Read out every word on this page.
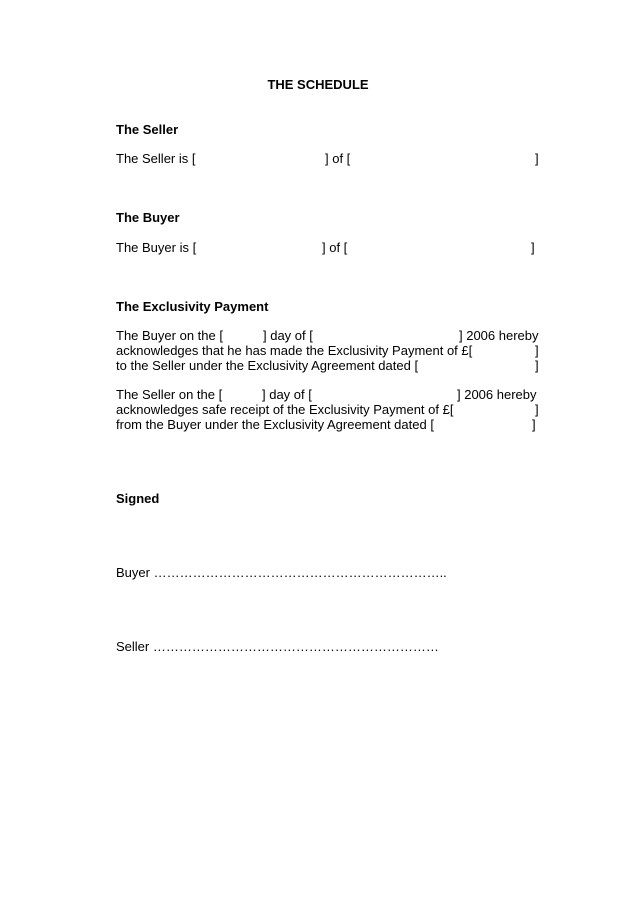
THE SCHEDULE
The Seller
The Seller is [	] of [	]
The Buyer
The Buyer is [	] of [	]
The Exclusivity Payment
The Buyer on the [	] day of [	] 2006 hereby
acknowledges that he has made the Exclusivity Payment of £[	]
to the Seller under the Exclusivity Agreement dated [	]
The Seller on the [	] day of [	] 2006 hereby
acknowledges safe receipt of the Exclusivity Payment of £[	]
from the Buyer under the Exclusivity Agreement dated [	]
Signed
Buyer …………………………………………………………..
Seller …………………………………………………………
